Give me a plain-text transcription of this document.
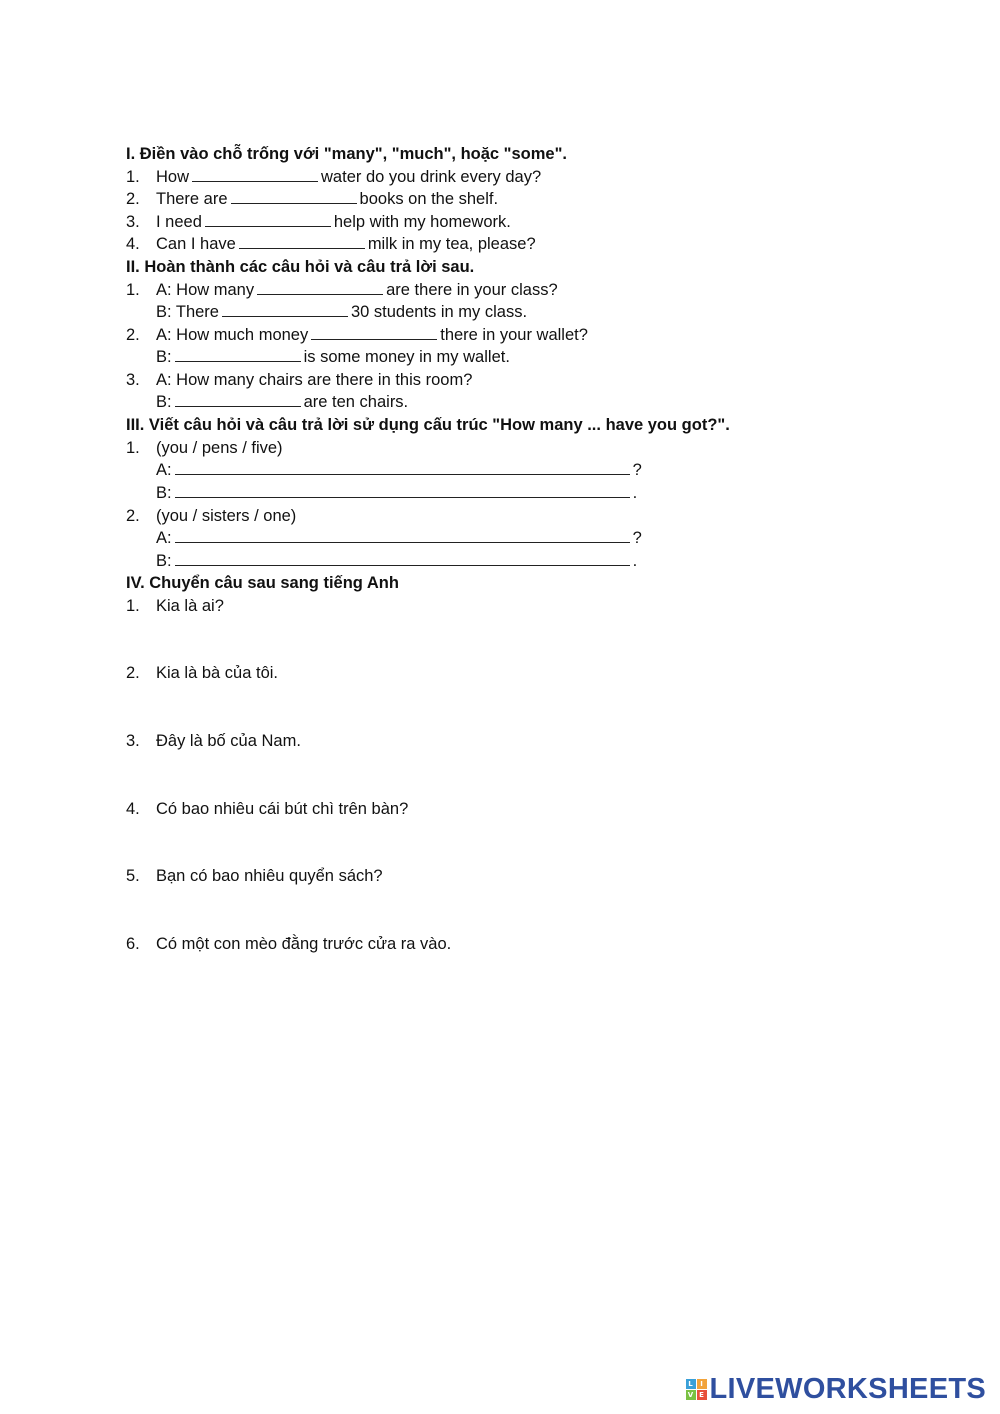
I. Điền vào chỗ trống với "many", "much", hoặc "some".
1. How	water do you drink every day?
2. There are	books on the shelf.
3. I need	help with my homework.
4. Can I have	milk in my tea, please?
II. Hoàn thành các câu hỏi và câu trả lời sau.
1. A: How many	are there in your class?
B: There	30 students in my class.
2. A: How much money	there in your wallet?
B:	is some money in my wallet.
3. A: How many chairs are there in this room?
B:	are ten chairs.
III. Viết câu hỏi và câu trả lời sử dụng cấu trúc "How many ... have you got?".
1. (you / pens / five)
A:	?
B:	.
2. (you / sisters / one)
A:	?
B:	.
IV. Chuyển câu sau sang tiếng Anh
1. Kia là ai?
2. Kia là bà của tôi.
3. Đây là bố của Nam.
4. Có bao nhiêu cái bút chì trên bàn?
5. Bạn có bao nhiêu quyển sách?
6. Có một con mèo đằng trước cửa ra vào.
L	I
V E LIVEWORKSHEETS
